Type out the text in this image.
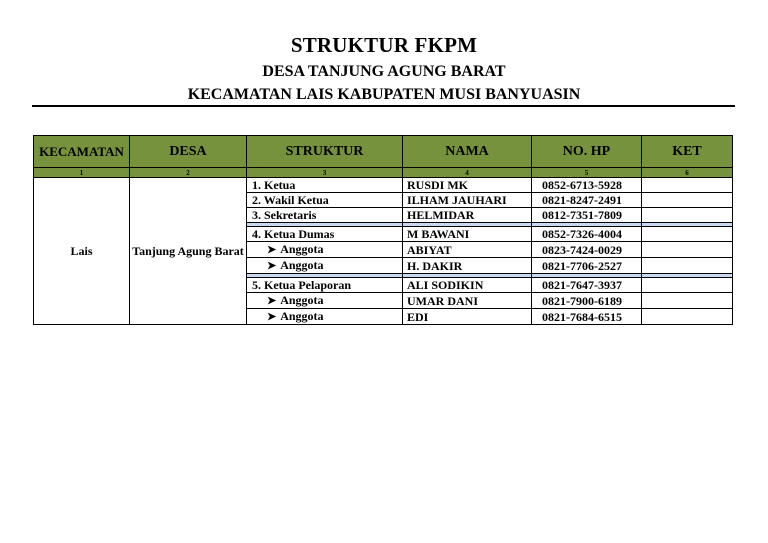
STRUKTUR FKPM
DESA TANJUNG AGUNG BARAT
KECAMATAN LAIS KABUPATEN MUSI BANYUASIN
KECAMATAN	DESA	STRUKTUR	NAMA	NO. HP	KET
1	2	3	4	5	6
Lais	Tanjung Agung Barat	1. Ketua	RUSDI MK	0852-6713-5928	
		2. Wakil Ketua	ILHAM JAUHARI	0821-8247-2491	
		3. Sekretaris	HELMIDAR	0812-7351-7809	

		4. Ketua Dumas	M BAWANI	0852-7326-4004	
		➤ Anggota	ABIYAT	0823-7424-0029	
		➤ Anggota	H. DAKIR	0821-7706-2527	

		5. Ketua Pelaporan	ALI SODIKIN	0821-7647-3937	
		➤ Anggota	UMAR DANI	0821-7900-6189	
		➤ Anggota	EDI	0821-7684-6515	
